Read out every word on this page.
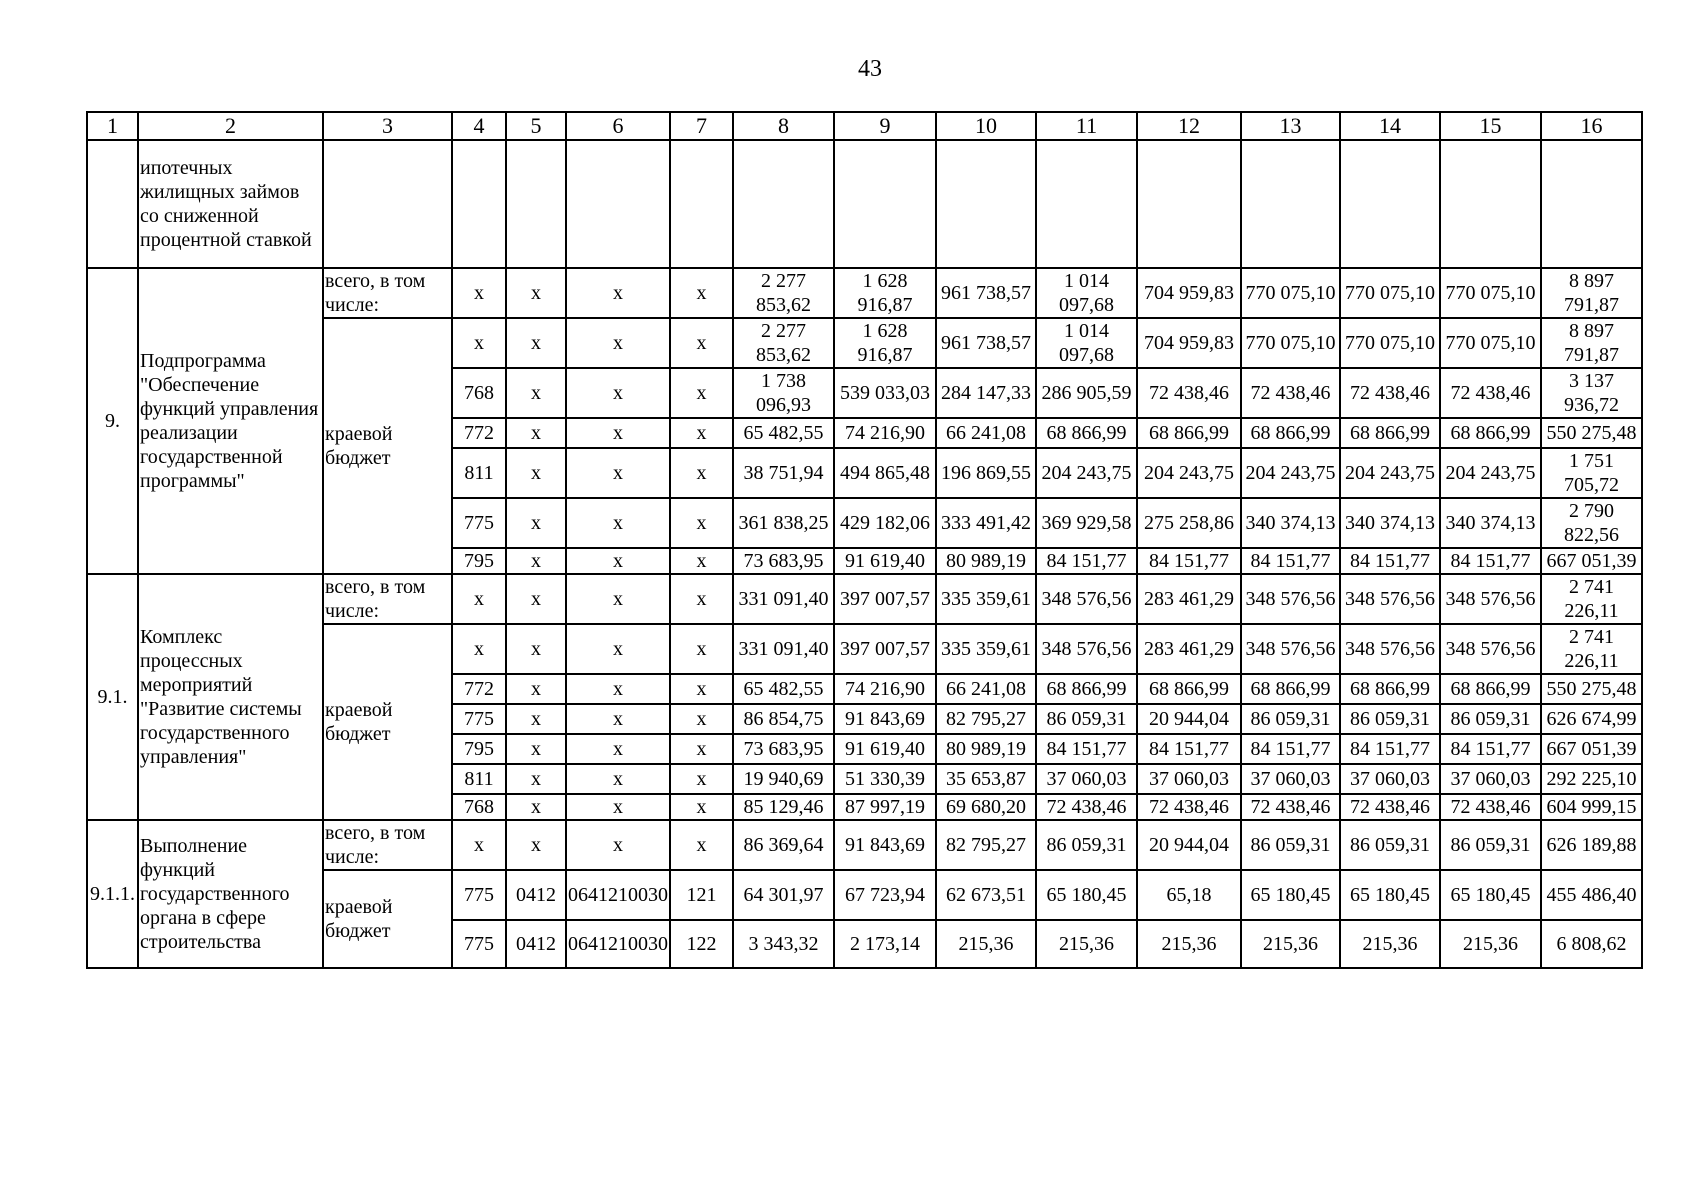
43
1	2	3	4	5	6	7	8	9	10	11	12	13	14	15	16
	ипотечных жилищных займов со сниженной процентной ставкой														
9.	Подпрограмма "Обеспечение функций управления реализации государственной программы"	всего, в том числе:	x	x	x	x	2 277 853,62	1 628 916,87	961 738,57	1 014 097,68	704 959,83	770 075,10	770 075,10	770 075,10	8 897 791,87
		краевой бюджет	x	x	x	x	2 277 853,62	1 628 916,87	961 738,57	1 014 097,68	704 959,83	770 075,10	770 075,10	770 075,10	8 897 791,87
			768	x	x	x	1 738 096,93	539 033,03	284 147,33	286 905,59	72 438,46	72 438,46	72 438,46	72 438,46	3 137 936,72
			772	x	x	x	65 482,55	74 216,90	66 241,08	68 866,99	68 866,99	68 866,99	68 866,99	68 866,99	550 275,48
			811	x	x	x	38 751,94	494 865,48	196 869,55	204 243,75	204 243,75	204 243,75	204 243,75	204 243,75	1 751 705,72
			775	x	x	x	361 838,25	429 182,06	333 491,42	369 929,58	275 258,86	340 374,13	340 374,13	340 374,13	2 790 822,56
			795	x	x	x	73 683,95	91 619,40	80 989,19	84 151,77	84 151,77	84 151,77	84 151,77	84 151,77	667 051,39
9.1.	Комплекс процессных мероприятий "Развитие системы государственного управления"	всего, в том числе:	x	x	x	x	331 091,40	397 007,57	335 359,61	348 576,56	283 461,29	348 576,56	348 576,56	348 576,56	2 741 226,11
		краевой бюджет	x	x	x	x	331 091,40	397 007,57	335 359,61	348 576,56	283 461,29	348 576,56	348 576,56	348 576,56	2 741 226,11
			772	x	x	x	65 482,55	74 216,90	66 241,08	68 866,99	68 866,99	68 866,99	68 866,99	68 866,99	550 275,48
			775	x	x	x	86 854,75	91 843,69	82 795,27	86 059,31	20 944,04	86 059,31	86 059,31	86 059,31	626 674,99
			795	x	x	x	73 683,95	91 619,40	80 989,19	84 151,77	84 151,77	84 151,77	84 151,77	84 151,77	667 051,39
			811	x	x	x	19 940,69	51 330,39	35 653,87	37 060,03	37 060,03	37 060,03	37 060,03	37 060,03	292 225,10
			768	x	x	x	85 129,46	87 997,19	69 680,20	72 438,46	72 438,46	72 438,46	72 438,46	72 438,46	604 999,15
9.1.1.	Выполнение функций государственного органа в сфере строительства	всего, в том числе:	x	x	x	x	86 369,64	91 843,69	82 795,27	86 059,31	20 944,04	86 059,31	86 059,31	86 059,31	626 189,88
		краевой бюджет	775	0412	0641210030	121	64 301,97	67 723,94	62 673,51	65 180,45	65,18	65 180,45	65 180,45	65 180,45	455 486,40
			775	0412	0641210030	122	3 343,32	2 173,14	215,36	215,36	215,36	215,36	215,36	215,36	6 808,62
